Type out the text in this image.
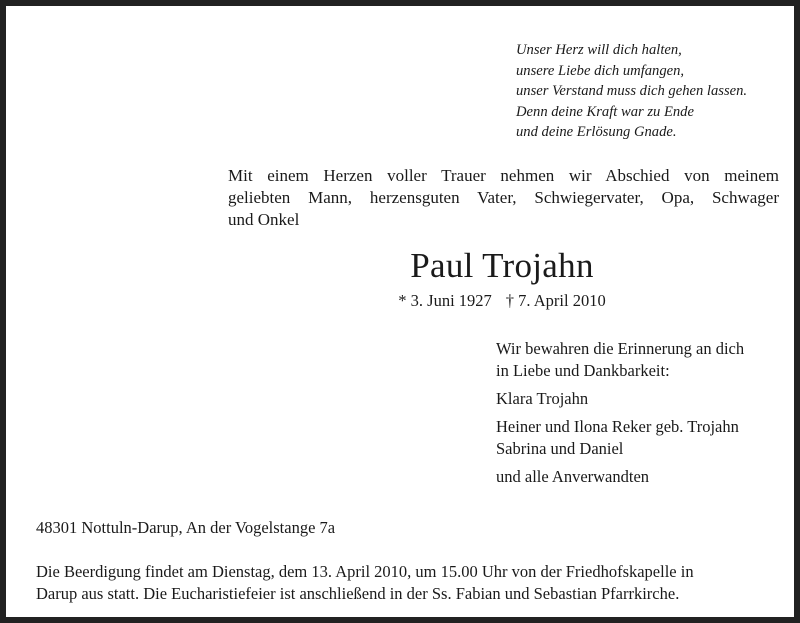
Unser Herz will dich halten,
unsere Liebe dich umfangen,
unser Verstand muss dich gehen lassen.
Denn deine Kraft war zu Ende
und deine Erlösung Gnade.
Mit einem Herzen voller Trauer nehmen wir Abschied von meinem
geliebten Mann, herzensguten Vater, Schwiegervater, Opa, Schwager
und Onkel
Paul Trojahn
* 3. Juni 1927 † 7. April 2010
Wir bewahren die Erinnerung an dich
in Liebe und Dankbarkeit:
Klara Trojahn
Heiner und Ilona Reker geb. Trojahn
Sabrina und Daniel
und alle Anverwandten
48301 Nottuln-Darup, An der Vogelstange 7a
Die Beerdigung findet am Dienstag, dem 13. April 2010, um 15.00 Uhr von der Friedhofskapelle in
Darup aus statt. Die Eucharistiefeier ist anschließend in der Ss. Fabian und Sebastian Pfarrkirche.
